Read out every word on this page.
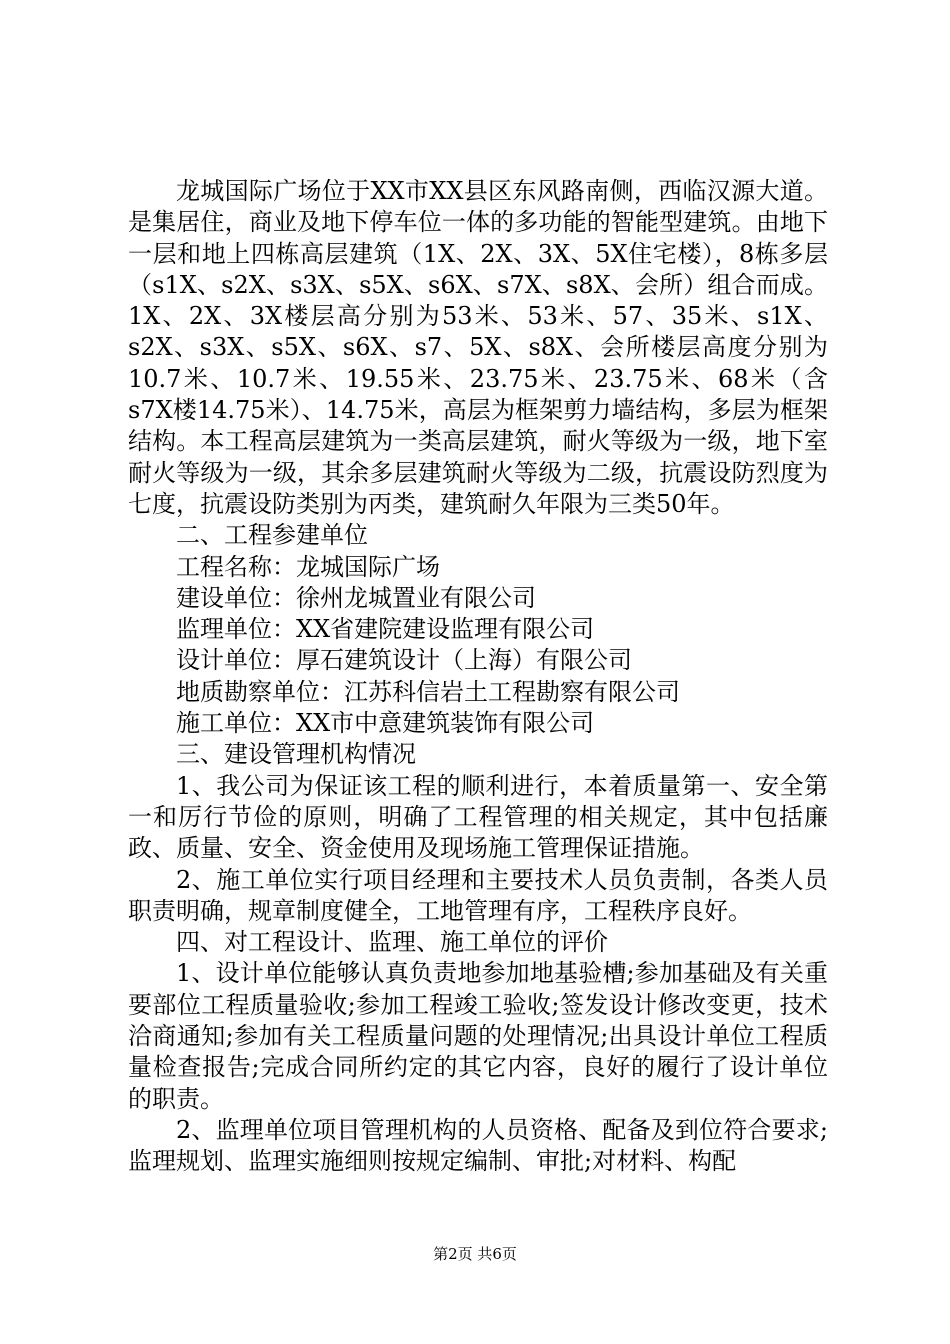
龙城国际广场位于XX市XX县区东风路南侧，西临汉源大道。是集居住，商业及地下停车位一体的多功能的智能型建筑。由地下一层和地上四栋高层建筑（1X、2X、3X、5X住宅楼），8栋多层（s1X、s2X、s3X、s5X、s6X、s7X、s8X、会所）组合而成。1X、2X、3X楼层高分别为53米、53米、57、35米、s1X、s2X、s3X、s5X、s6X、s7、5X、s8X、会所楼层高度分别为10.7米、10.7米、19.55米、23.75米、23.75米、68米（含s7X楼14.75米）、14.75米，高层为框架剪力墙结构，多层为框架结构。本工程高层建筑为一类高层建筑，耐火等级为一级，地下室耐火等级为一级，其余多层建筑耐火等级为二级，抗震设防烈度为七度，抗震设防类别为丙类，建筑耐久年限为三类50年。

二、工程参建单位

工程名称：龙城国际广场

建设单位：徐州龙城置业有限公司

监理单位：XX省建院建设监理有限公司

设计单位：厚石建筑设计（上海）有限公司

地质勘察单位：江苏科信岩土工程勘察有限公司

施工单位：XX市中意建筑装饰有限公司

三、建设管理机构情况

1、我公司为保证该工程的顺利进行，本着质量第一、安全第一和厉行节俭的原则，明确了工程管理的相关规定，其中包括廉政、质量、安全、资金使用及现场施工管理保证措施。

2、施工单位实行项目经理和主要技术人员负责制，各类人员职责明确，规章制度健全，工地管理有序，工程秩序良好。

四、对工程设计、监理、施工单位的评价

1、设计单位能够认真负责地参加地基验槽;参加基础及有关重要部位工程质量验收;参加工程竣工验收;签发设计修改变更，技术洽商通知;参加有关工程质量问题的处理情况;出具设计单位工程质量检查报告;完成合同所约定的其它内容，良好的履行了设计单位的职责。

2、监理单位项目管理机构的人员资格、配备及到位符合要求;监理规划、监理实施细则按规定编制、审批;对材料、构配

第2页 共6页
